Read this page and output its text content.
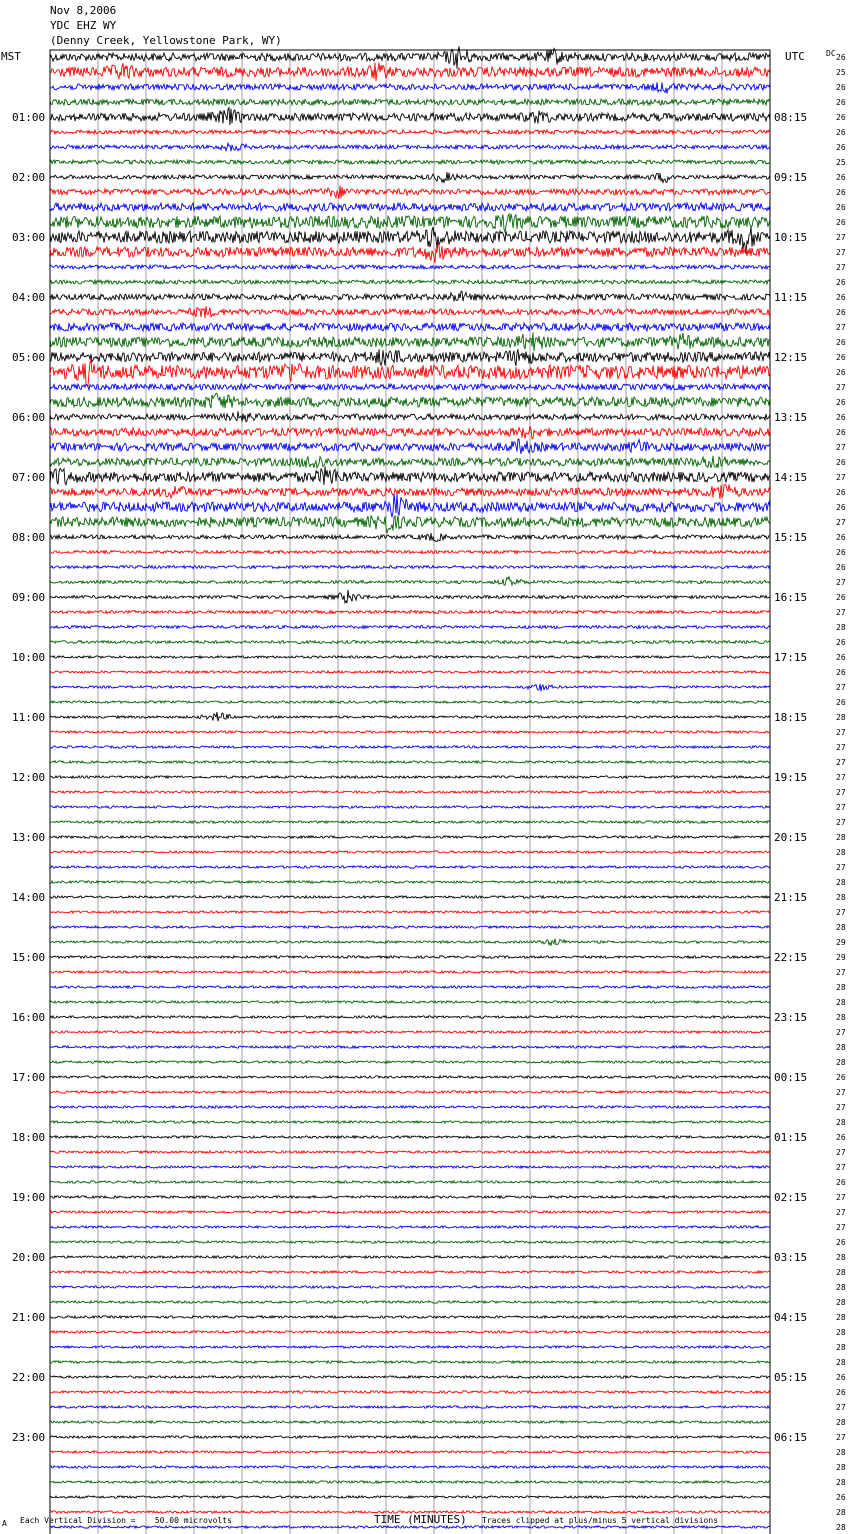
Nov 8,2006
YDC EHZ WY
(Denny Creek, Yellowstone Park, WY)
MST	UTC	DC 26
25
26
26
26
01:00	08:15
26
26
25
26
02:00	09:15
26
26
26
27
03:00	10:15
27
27
26
26
04:00	11:15
26
27
26
26
05:00	12:15
26
27
26
26
06:00	13:15
26
27
26
27
07:00	14:15
26
26
27
26
08:00	15:15
26
26
27
26
09:00	16:15
27
28
26
26
10:00	17:15
26
27
26
28
11:00	18:15
27
27
27
27
12:00	19:15
27
27
27
28
13:00	20:15
28
27
28
28
14:00	21:15
27
28
29
29
15:00	22:15
27
28
28
28
16:00	23:15
27
28
28
26
17:00	00:15
27
27
28
26
18:00	01:15
27
27
26
27
19:00	02:15
27
27
26
28
20:00	03:15
28
28
28
28
21:00	04:15
28
28
28
26
22:00	05:15
26
27
28
27
23:00	06:15
28
28
28
26
28
28
A Each Vertical Division =    50.00 microvolts	TIME (MINUTES) Traces clipped at plus/minus 5 vertical divisions
